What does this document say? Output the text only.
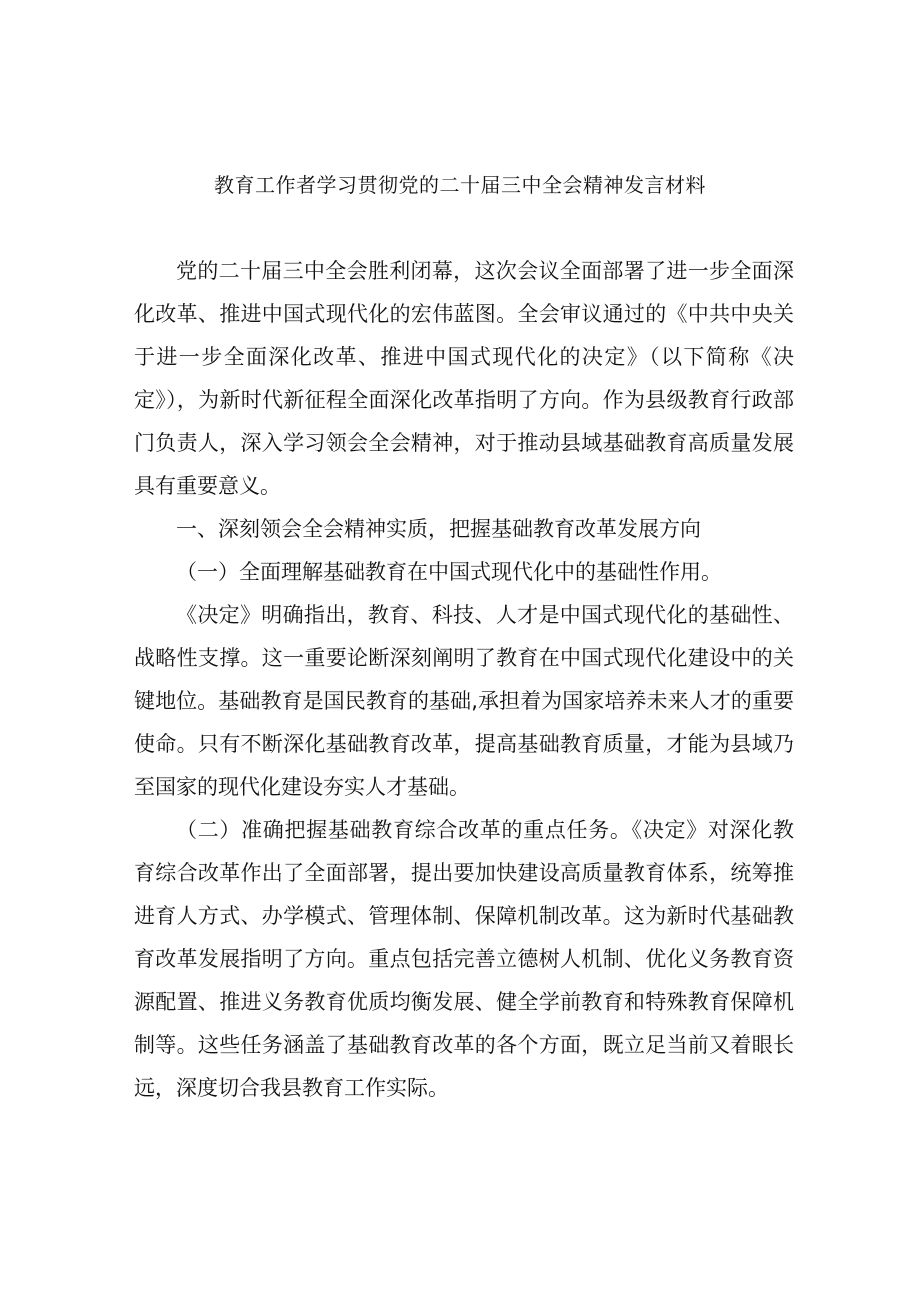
教育工作者学习贯彻党的二十届三中全会精神发言材料

党的二十届三中全会胜利闭幕，这次会议全面部署了进一步全面深化改革、推进中国式现代化的宏伟蓝图。全会审议通过的《中共中央关于进一步全面深化改革、推进中国式现代化的决定》（以下简称《决定》），为新时代新征程全面深化改革指明了方向。作为县级教育行政部门负责人，深入学习领会全会精神，对于推动县域基础教育高质量发展具有重要意义。

一、深刻领会全会精神实质，把握基础教育改革发展方向

（一）全面理解基础教育在中国式现代化中的基础性作用。

《决定》明确指出，教育、科技、人才是中国式现代化的基础性、战略性支撑。这一重要论断深刻阐明了教育在中国式现代化建设中的关键地位。基础教育是国民教育的基础,承担着为国家培养未来人才的重要使命。只有不断深化基础教育改革，提高基础教育质量，才能为县域乃至国家的现代化建设夯实人才基础。

（二）准确把握基础教育综合改革的重点任务。《决定》对深化教育综合改革作出了全面部署，提出要加快建设高质量教育体系，统筹推进育人方式、办学模式、管理体制、保障机制改革。这为新时代基础教育改革发展指明了方向。重点包括完善立德树人机制、优化义务教育资源配置、推进义务教育优质均衡发展、健全学前教育和特殊教育保障机制等。这些任务涵盖了基础教育改革的各个方面，既立足当前又着眼长远，深度切合我县教育工作实际。
